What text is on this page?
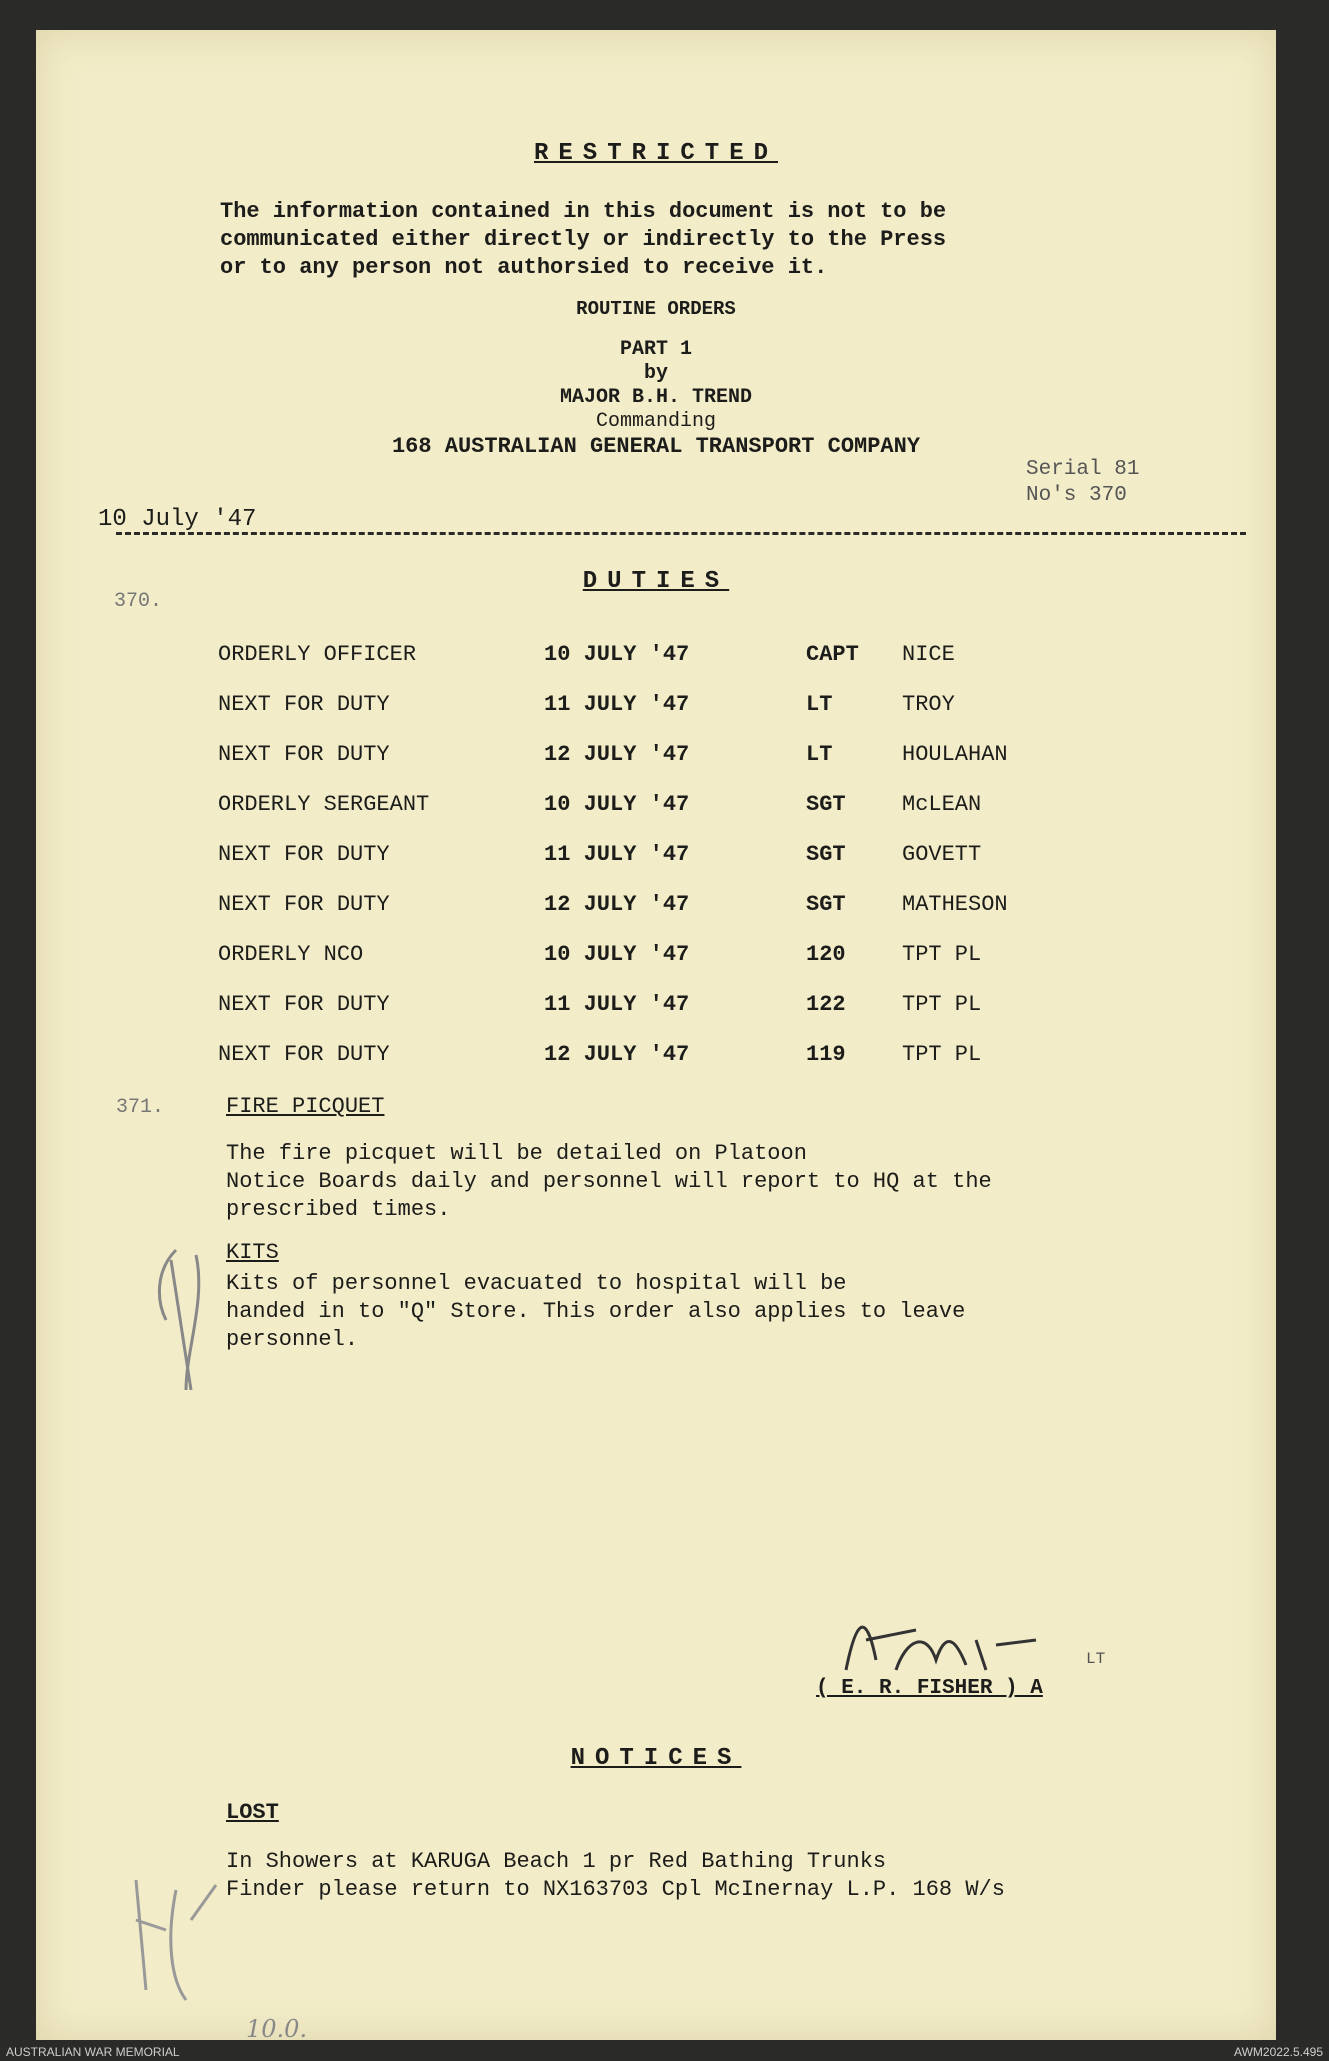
RESTRICTED
The information contained in this document is not to be
communicated either directly or indirectly to the Press
or to any person not authorsied to receive it.
ROUTINE ORDERS
PART 1
by
MAJOR B.H. TREND
Commanding
168 AUSTRALIAN GENERAL TRANSPORT COMPANY
Serial 81
No's 370
10 July '47
370.
DUTIES
ORDERLY OFFICER	10 JULY '47	CAPT NICE
NEXT FOR DUTY	11 JULY '47	LT	TROY
NEXT FOR DUTY	12 JULY '47	LT	HOULAHAN
ORDERLY SERGEANT	10 JULY '47	SGT	McLEAN
NEXT FOR DUTY	11 JULY '47	SGT	GOVETT
NEXT FOR DUTY	12 JULY '47	SGT	MATHESON
ORDERLY NCO	10 JULY '47	120	TPT PL
NEXT FOR DUTY	11 JULY '47	122	TPT PL
NEXT FOR DUTY	12 JULY '47	119	TPT PL
371.	FIRE PICQUET
The fire picquet will be detailed on Platoon
Notice Boards daily and personnel will report to HQ at the
prescribed times.
KITS
Kits of personnel evacuated to hospital will be
handed in to "Q" Store. This order also applies to leave
personnel.
LT
( E. R. FISHER ) A
NOTICES
LOST
In Showers at KARUGA Beach 1 pr Red Bathing Trunks
Finder please return to NX163703 Cpl McInernay L.P. 168 W/s
10.0.
AUSTRALIAN WAR MEMORIAL	AWM2022.5.495
